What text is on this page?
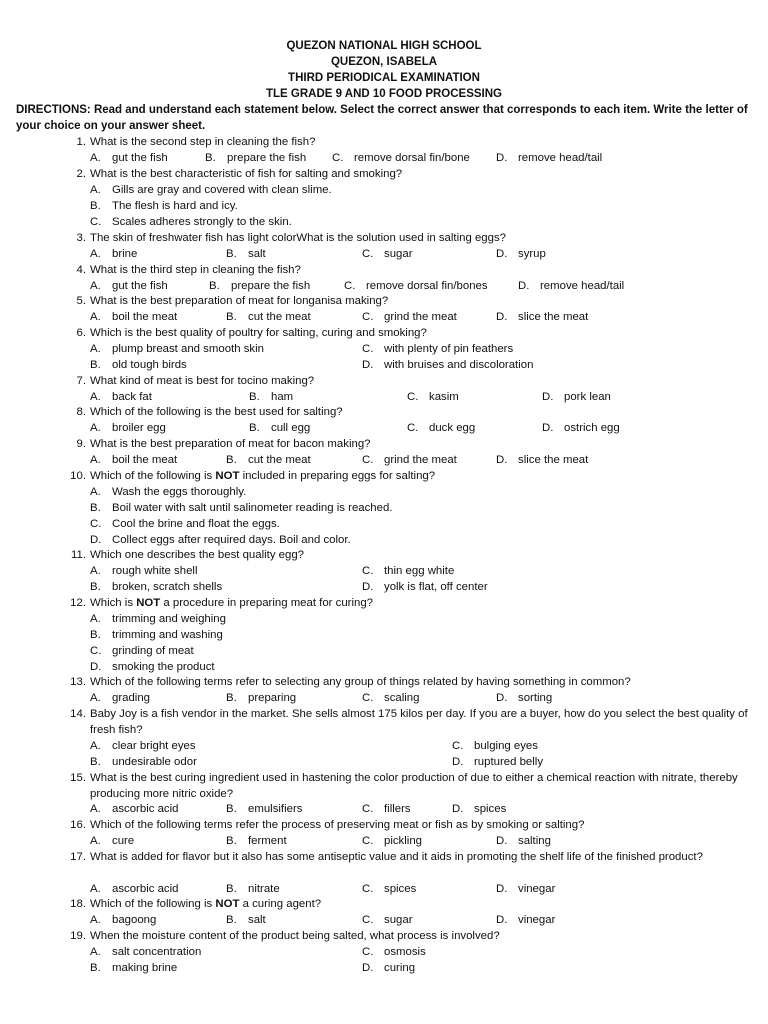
QUEZON NATIONAL HIGH SCHOOL
QUEZON, ISABELA
THIRD PERIODICAL EXAMINATION
TLE GRADE 9 AND 10 FOOD PROCESSING
DIRECTIONS: Read and understand each statement below. Select the correct answer that corresponds to each item. Write the letter of your choice on your answer sheet.
1. What is the second step in cleaning the fish?
A. gut the fish	B. prepare the fish C. remove dorsal fin/bone D. remove head/tail
2. What is the best characteristic of fish for salting and smoking?
A. Gills are gray and covered with clean slime.
B. The flesh is hard and icy.
C. Scales adheres strongly to the skin.
3. The skin of freshwater fish has light colorWhat is the solution used in salting eggs?
A. brine	B. salt	C. sugar	D. syrup
4. What is the third step in cleaning the fish?
A. gut the fish	B. prepare the fish	C. remove dorsal fin/bones	D. remove head/tail
5. What is the best preparation of meat for longanisa making?
A. boil the meat	B. cut the meat	C. grind the meat	D. slice the meat
6. Which is the best quality of poultry for salting, curing and smoking?
A. plump breast and smooth skin	C. with plenty of pin feathers
B. old tough birds	D. with bruises and discoloration
7. What kind of meat is best for tocino making?
A. back fat	B. ham	C. kasim	D. pork lean
8. Which of the following is the best used for salting?
A. broiler egg	B. cull egg	C. duck egg	D. ostrich egg
9. What is the best preparation of meat for bacon making?
A. boil the meat	B. cut the meat	C. grind the meat	D. slice the meat
10. Which of the following is NOT included in preparing eggs for salting?
A. Wash the eggs thoroughly.
B. Boil water with salt until salinometer reading is reached.
C. Cool the brine and float the eggs.
D. Collect eggs after required days. Boil and color.
11. Which one describes the best quality egg?
A. rough white shell	C. thin egg white
B. broken, scratch shells	D. yolk is flat, off center
12. Which is NOT a procedure in preparing meat for curing?
A. trimming and weighing
B. trimming and washing
C. grinding of meat
D. smoking the product
13. Which of the following terms refer to selecting any group of things related by having something in common?
A. grading	B. preparing	C. scaling	D. sorting
14. Baby Joy is a fish vendor in the market. She sells almost 175 kilos per day. If you are a buyer, how do you select the best quality of fresh fish?
A. clear bright eyes	C. bulging eyes
B. undesirable odor	D. ruptured belly
15. What is the best curing ingredient used in hastening the color production of due to either a chemical reaction with nitrate, thereby producing more nitric oxide?
A. ascorbic acid	B. emulsifiers	C. fillers	D. spices
16. Which of the following terms refer the process of preserving meat or fish as by smoking or salting?
A. cure	B. ferment	C. pickling	D. salting
17. What is added for flavor but it also has some antiseptic value and it aids in promoting the shelf life of the finished product?
A. ascorbic acid	B. nitrate	C. spices	D. vinegar
18. Which of the following is NOT a curing agent?
A. bagoong	B. salt	C. sugar	D. vinegar
19. When the moisture content of the product being salted, what process is involved?
A. salt concentration	C. osmosis
B. making brine	D. curing
